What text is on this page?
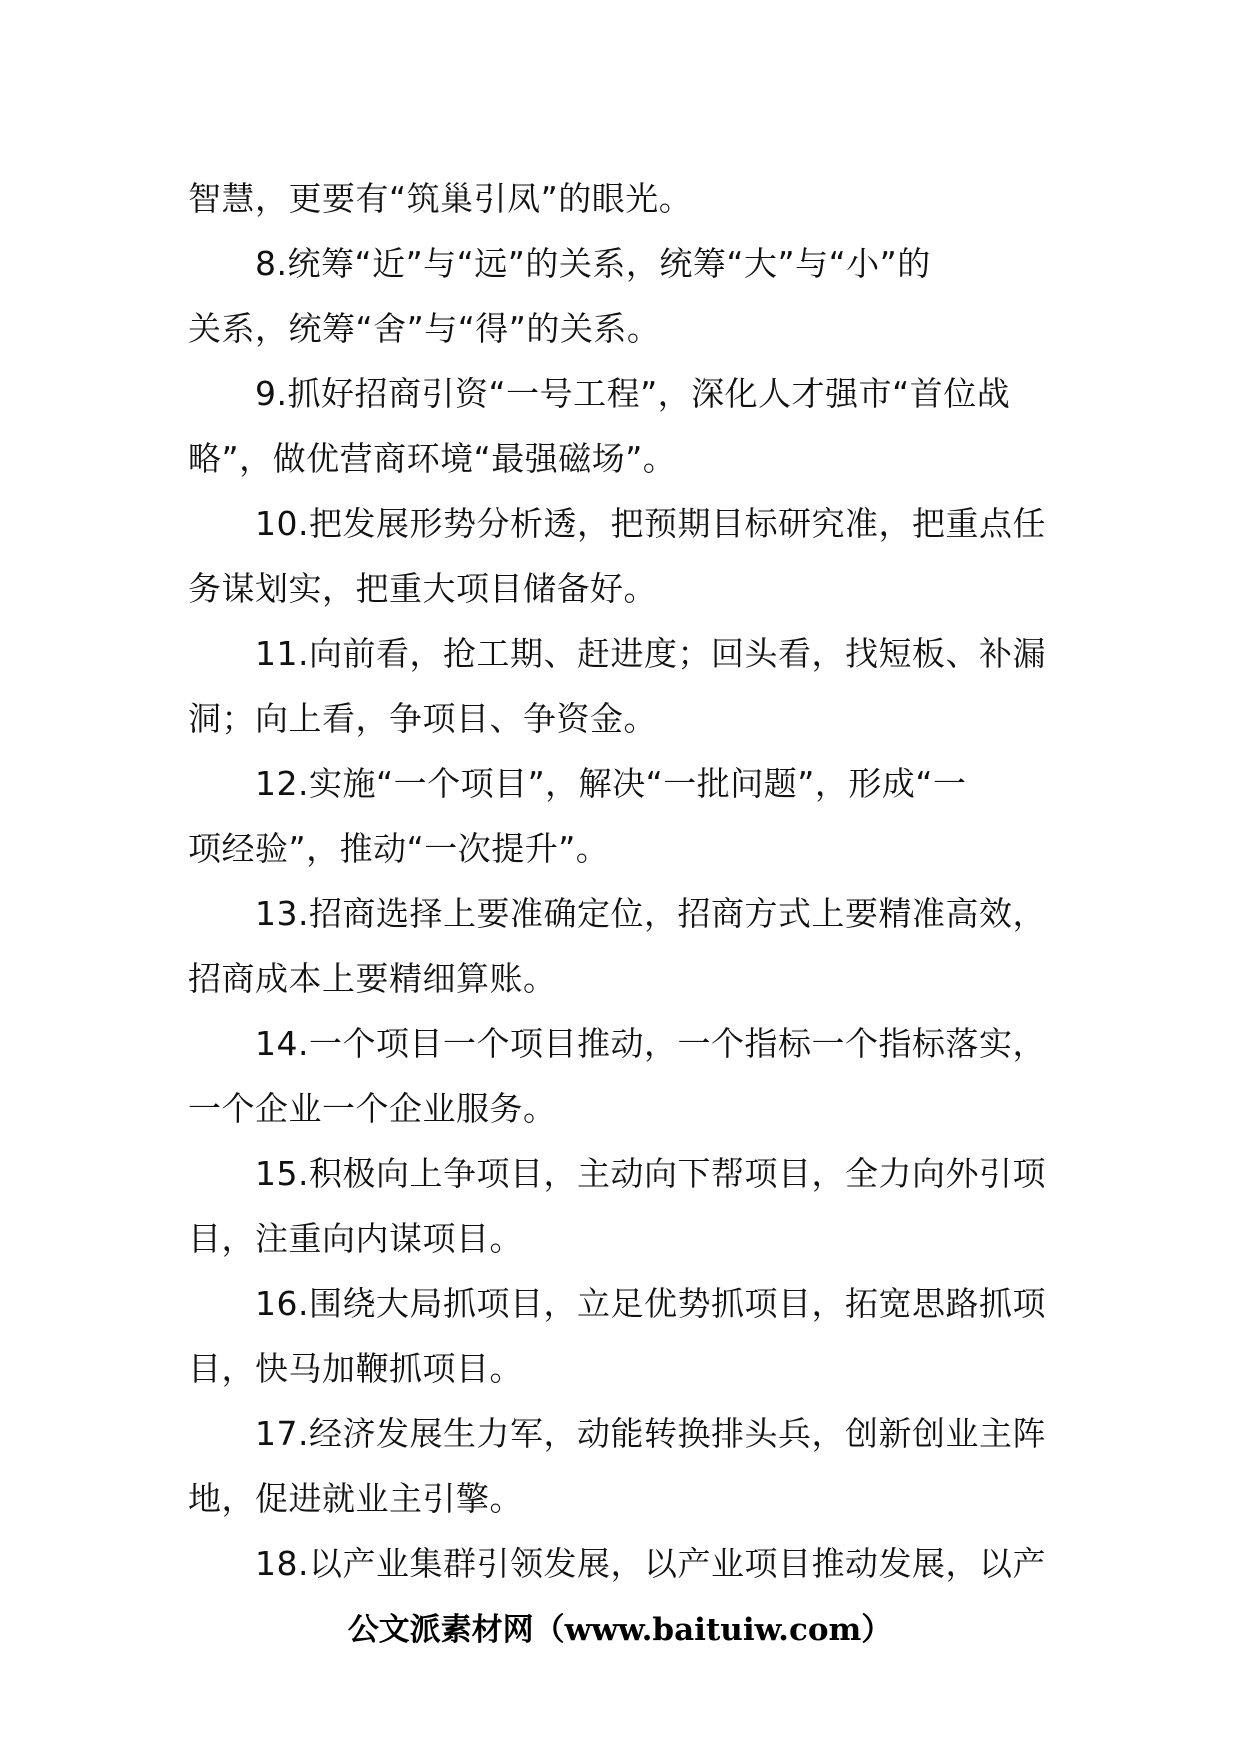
智慧，更要有“筑巢引凤”的眼光。
8.统筹“近”与“远”的关系，统筹“大”与“小”的
关系，统筹“舍”与“得”的关系。
9.抓好招商引资“一号工程”，深化人才强市“首位战
略”，做优营商环境“最强磁场”。
10.把发展形势分析透，把预期目标研究准，把重点任
务谋划实，把重大项目储备好。
11.向前看，抢工期、赶进度；回头看，找短板、补漏
洞；向上看，争项目、争资金。
12.实施“一个项目”，解决“一批问题”，形成“一
项经验”，推动“一次提升”。
13.招商选择上要准确定位，招商方式上要精准高效，
招商成本上要精细算账。
14.一个项目一个项目推动，一个指标一个指标落实，
一个企业一个企业服务。
15.积极向上争项目，主动向下帮项目，全力向外引项
目，注重向内谋项目。
16.围绕大局抓项目，立足优势抓项目，拓宽思路抓项
目，快马加鞭抓项目。
17.经济发展生力军，动能转换排头兵，创新创业主阵
地，促进就业主引擎。
18.以产业集群引领发展，以产业项目推动发展，以产
公文派素材网（www.baituiw.com）
